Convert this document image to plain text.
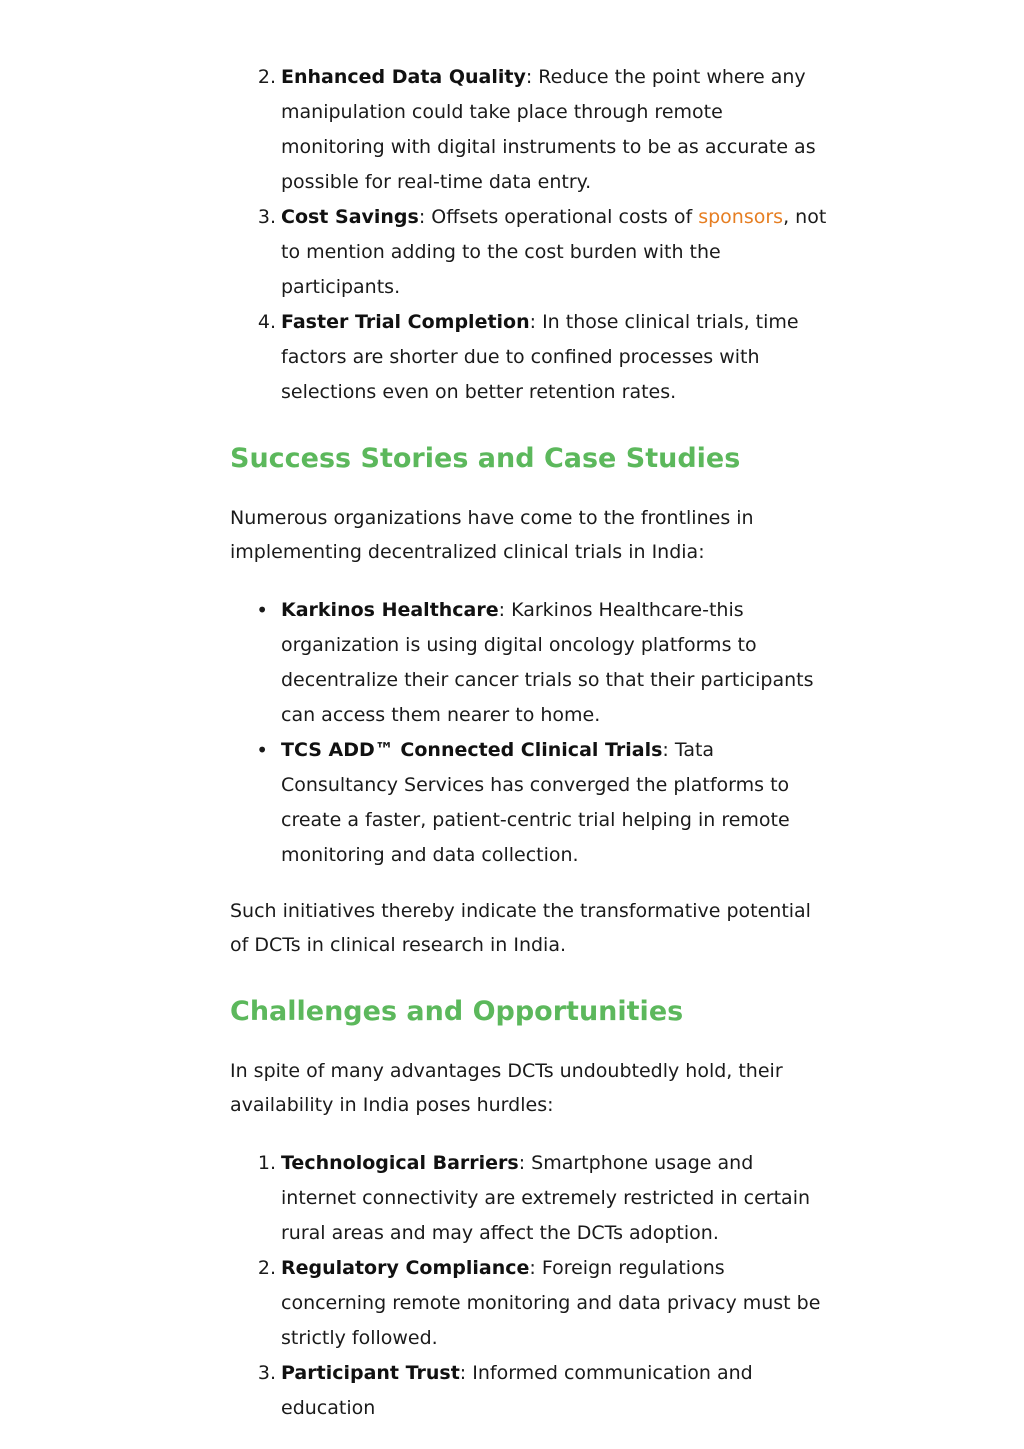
2. Enhanced Data Quality: Reduce the point where any manipulation could take place through remote monitoring with digital instruments to be as accurate as possible for real-time data entry.
3. Cost Savings: Offsets operational costs of sponsors, not to mention adding to the cost burden with the participants.
4. Faster Trial Completion: In those clinical trials, time factors are shorter due to confined processes with selections even on better retention rates.
Success Stories and Case Studies

Numerous organizations have come to the frontlines in implementing decentralized clinical trials in India:

• Karkinos Healthcare: Karkinos Healthcare-this organization is using digital oncology platforms to decentralize their cancer trials so that their participants can access them nearer to home.
• TCS ADD™ Connected Clinical Trials: Tata Consultancy Services has converged the platforms to create a faster, patient-centric trial helping in remote monitoring and data collection.

Such initiatives thereby indicate the transformative potential of DCTs in clinical research in India.

Challenges and Opportunities

In spite of many advantages DCTs undoubtedly hold, their availability in India poses hurdles:

1. Technological Barriers: Smartphone usage and internet connectivity are extremely restricted in certain rural areas and may affect the DCTs adoption.
2. Regulatory Compliance: Foreign regulations concerning remote monitoring and data privacy must be strictly followed.
3. Participant Trust: Informed communication and education
